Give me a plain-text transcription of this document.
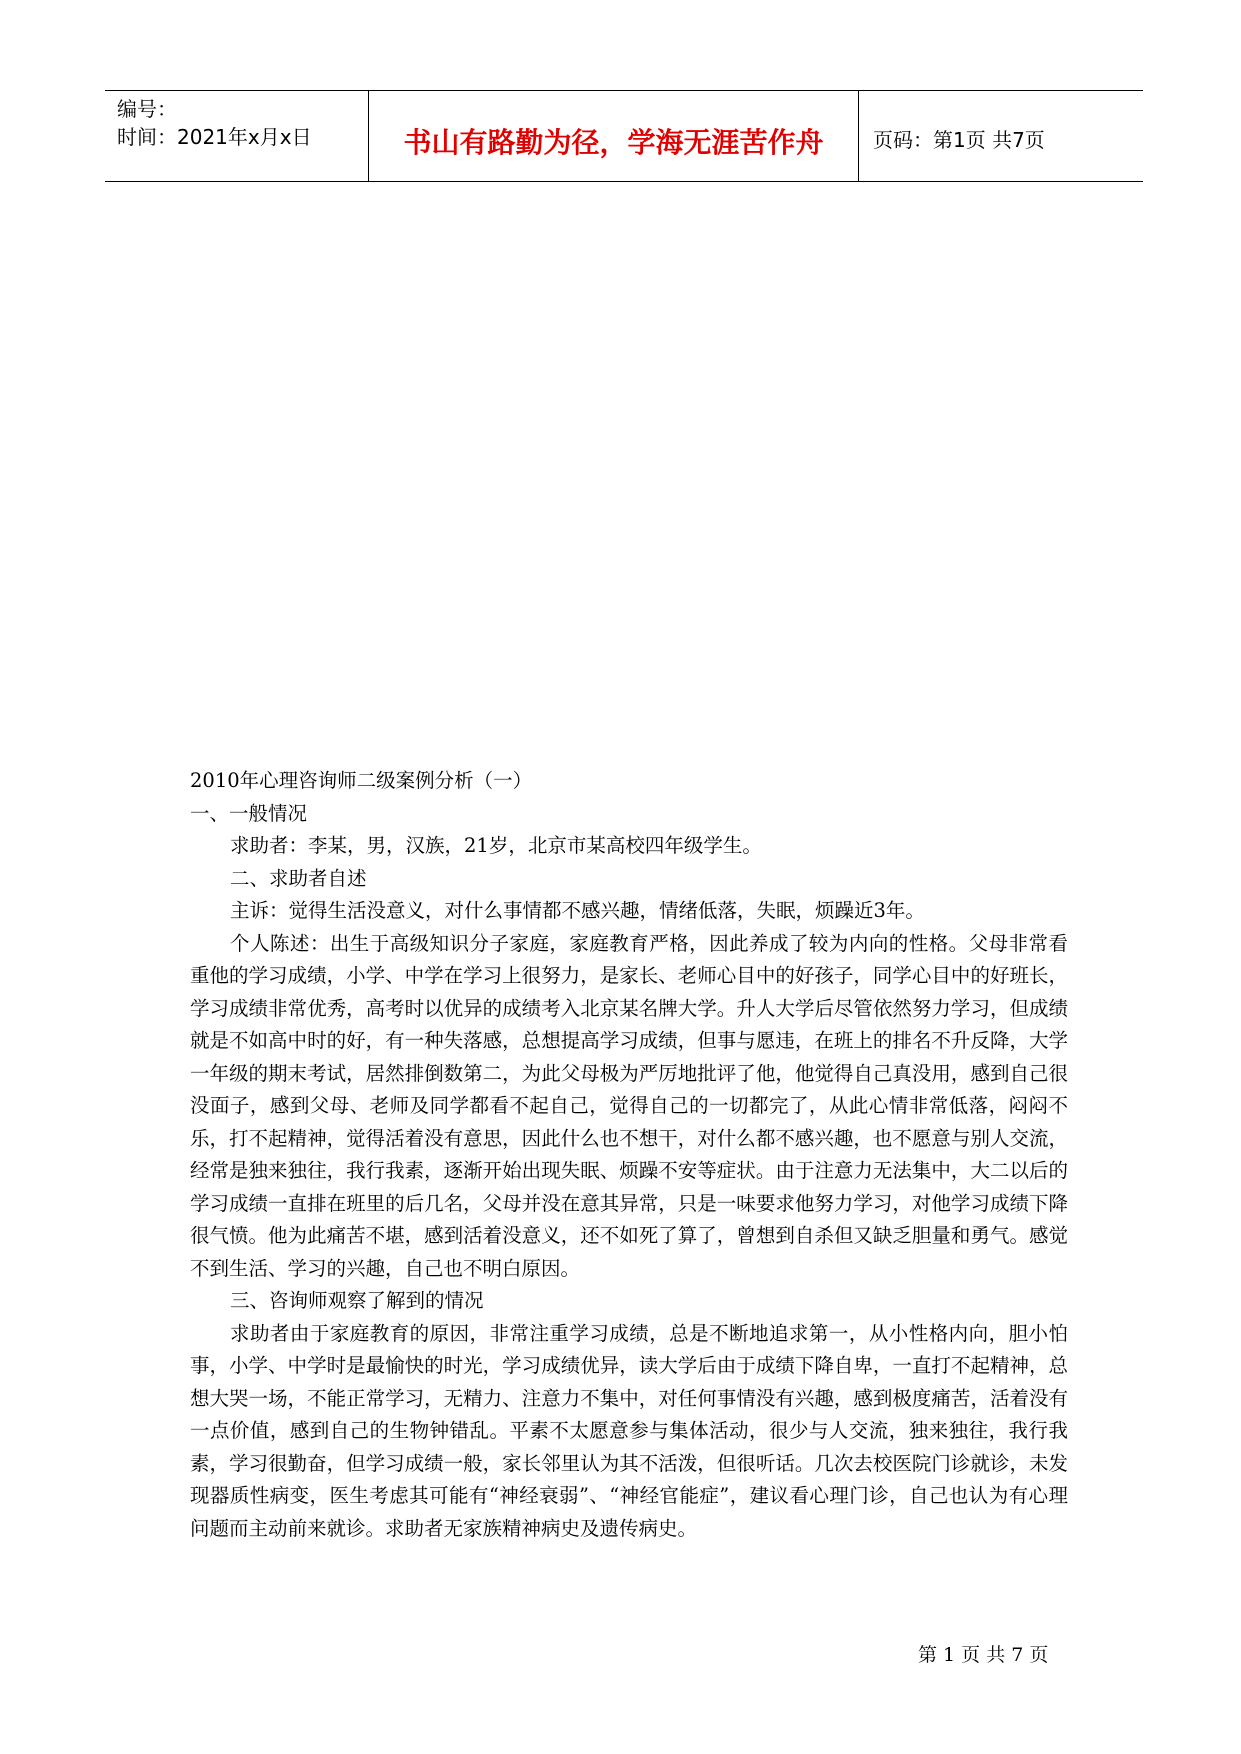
编号：
时间：2021年x月x日	书山有路勤为径，学海无涯苦作舟	页码：第1页 共7页

2010年心理咨询师二级案例分析（一）

一、一般情况

求助者：李某，男，汉族，21岁，北京市某高校四年级学生。

二、求助者自述

主诉：觉得生活没意义，对什么事情都不感兴趣，情绪低落，失眠，烦躁近3年。

个人陈述：出生于高级知识分子家庭，家庭教育严格，因此养成了较为内向的性格。父母非常看重他的学习成绩，小学、中学在学习上很努力，是家长、老师心目中的好孩子，同学心目中的好班长，学习成绩非常优秀，高考时以优异的成绩考入北京某名牌大学。升人大学后尽管依然努力学习，但成绩就是不如高中时的好，有一种失落感，总想提高学习成绩，但事与愿违，在班上的排名不升反降，大学一年级的期末考试，居然排倒数第二，为此父母极为严厉地批评了他，他觉得自己真没用，感到自己很没面子，感到父母、老师及同学都看不起自己，觉得自己的一切都完了，从此心情非常低落，闷闷不乐，打不起精神，觉得活着没有意思，因此什么也不想干，对什么都不感兴趣，也不愿意与别人交流，经常是独来独往，我行我素，逐渐开始出现失眠、烦躁不安等症状。由于注意力无法集中，大二以后的学习成绩一直排在班里的后几名，父母并没在意其异常，只是一味要求他努力学习，对他学习成绩下降很气愤。他为此痛苦不堪，感到活着没意义，还不如死了算了，曾想到自杀但又缺乏胆量和勇气。感觉不到生活、学习的兴趣，自己也不明白原因。

三、咨询师观察了解到的情况

求助者由于家庭教育的原因，非常注重学习成绩，总是不断地追求第一，从小性格内向，胆小怕事，小学、中学时是最愉快的时光，学习成绩优异，读大学后由于成绩下降自卑，一直打不起精神，总想大哭一场，不能正常学习，无精力、注意力不集中，对任何事情没有兴趣，感到极度痛苦，活着没有一点价值，感到自己的生物钟错乱。平素不太愿意参与集体活动，很少与人交流，独来独往，我行我素，学习很勤奋，但学习成绩一般，家长邻里认为其不活泼，但很听话。几次去校医院门诊就诊，未发现器质性病变，医生考虑其可能有“神经衰弱”、“神经官能症”，建议看心理门诊，自己也认为有心理问题而主动前来就诊。求助者无家族精神病史及遗传病史。

第 1 页 共 7 页
